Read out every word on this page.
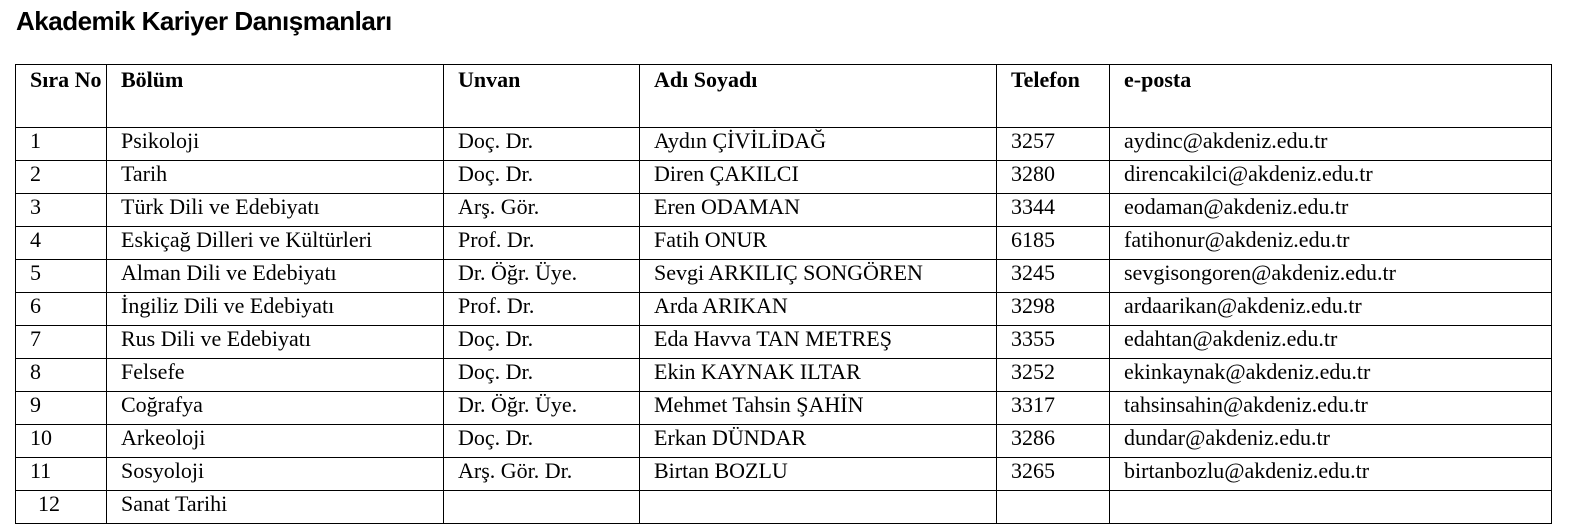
Akademik Kariyer Danışmanları
Sıra No	Bölüm	Unvan	Adı Soyadı	Telefon	e-posta
1	Psikoloji	Doç. Dr.	Aydın ÇİVİLİDAĞ	3257	aydinc@akdeniz.edu.tr
2	Tarih	Doç. Dr.	Diren ÇAKILCI	3280	direncakilci@akdeniz.edu.tr
3	Türk Dili ve Edebiyatı	Arş. Gör.	Eren ODAMAN	3344	eodaman@akdeniz.edu.tr
4	Eskiçağ Dilleri ve Kültürleri	Prof. Dr.	Fatih ONUR	6185	fatihonur@akdeniz.edu.tr
5	Alman Dili ve Edebiyatı	Dr. Öğr. Üye.	Sevgi ARKILIÇ SONGÖREN	3245	sevgisongoren@akdeniz.edu.tr
6	İngiliz Dili ve Edebiyatı	Prof. Dr.	Arda ARIKAN	3298	ardaarikan@akdeniz.edu.tr
7	Rus Dili ve Edebiyatı	Doç. Dr.	Eda Havva TAN METREŞ	3355	edahtan@akdeniz.edu.tr
8	Felsefe	Doç. Dr.	Ekin KAYNAK ILTAR	3252	ekinkaynak@akdeniz.edu.tr
9	Coğrafya	Dr. Öğr. Üye.	Mehmet Tahsin ŞAHİN	3317	tahsinsahin@akdeniz.edu.tr
10	Arkeoloji	Doç. Dr.	Erkan DÜNDAR	3286	dundar@akdeniz.edu.tr
11	Sosyoloji	Arş. Gör. Dr.	Birtan BOZLU	3265	birtanbozlu@akdeniz.edu.tr
12	Sanat Tarihi				
